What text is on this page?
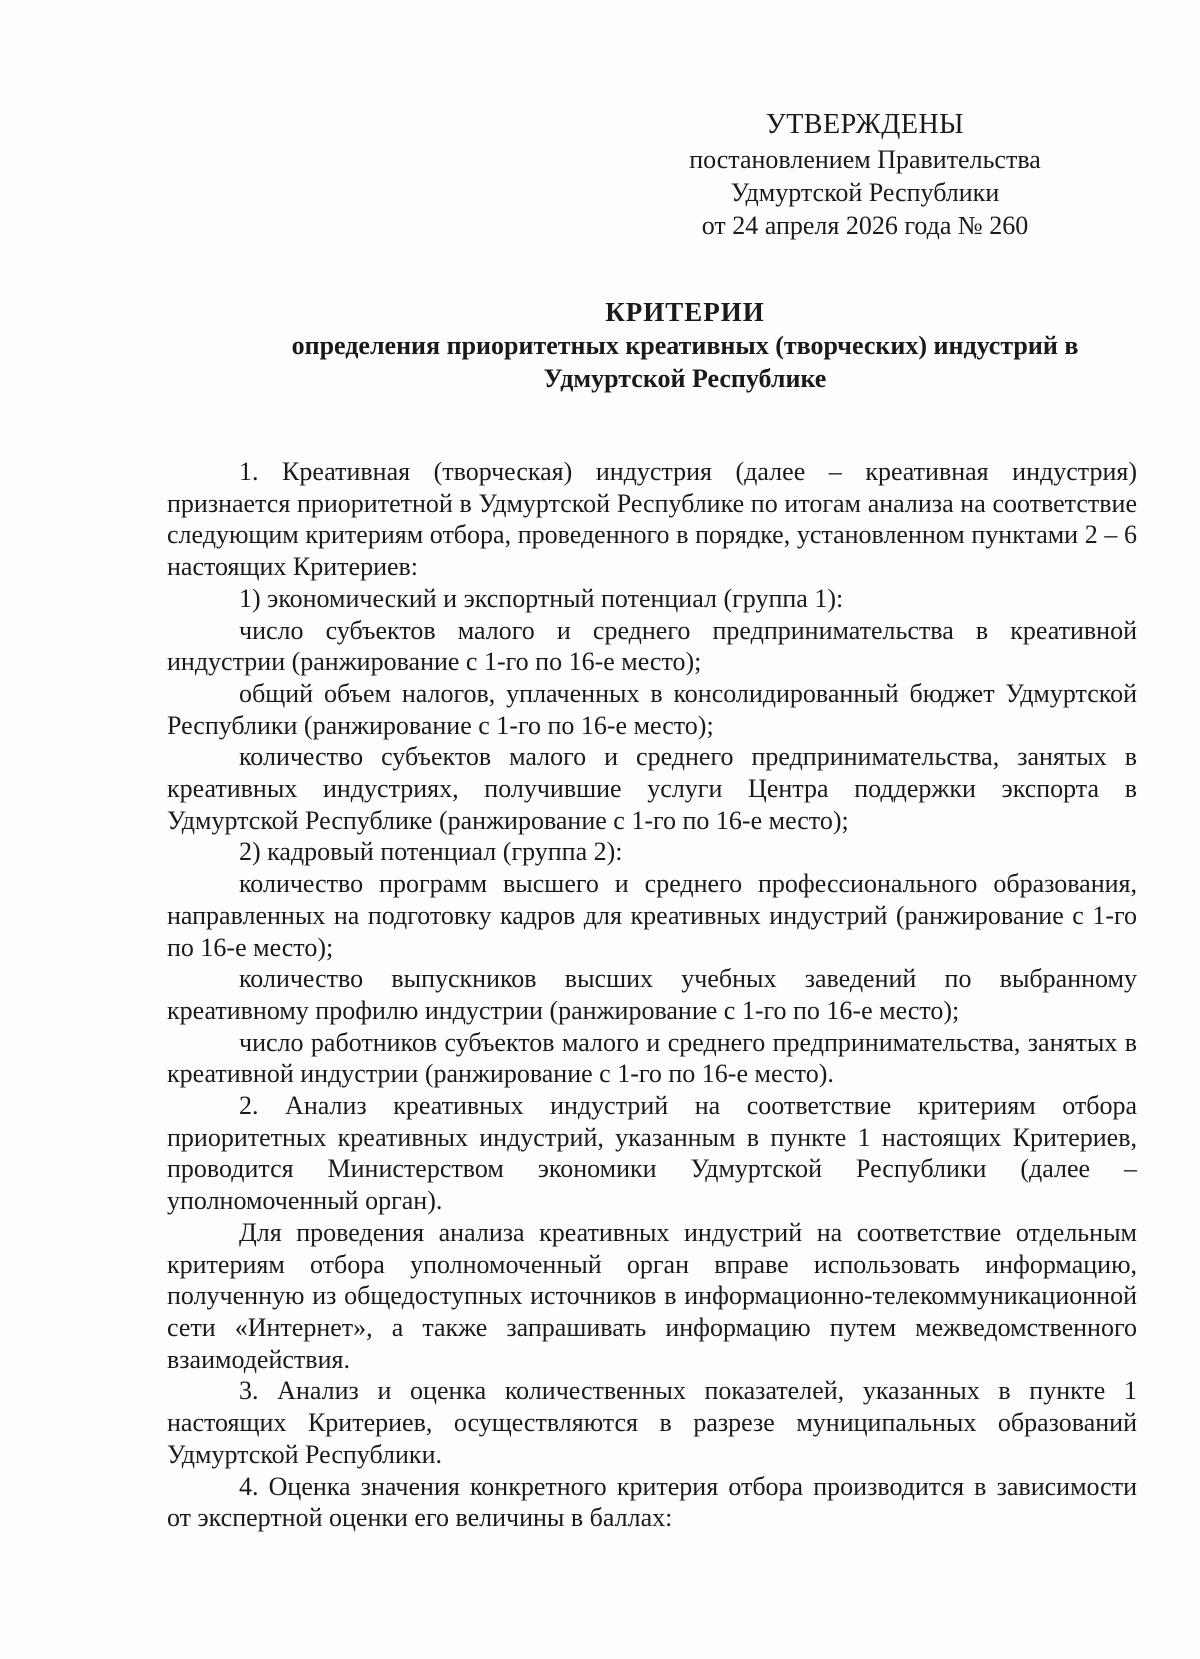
УТВЕРЖДЕНЫ
постановлением Правительства
Удмуртской Республики
от 24 апреля 2026 года № 260
КРИТЕРИИ
определения приоритетных креативных (творческих) индустрий в
Удмуртской Республике

1. Креативная (творческая) индустрия (далее – креативная индустрия) признается приоритетной в Удмуртской Республике по итогам анализа на соответствие следующим критериям отбора, проведенного в порядке, установленном пунктами 2 – 6 настоящих Критериев:

1) экономический и экспортный потенциал (группа 1):

число субъектов малого и среднего предпринимательства в креативной индустрии (ранжирование с 1-го по 16-е место);

общий объем налогов, уплаченных в консолидированный бюджет Удмуртской Республики (ранжирование с 1-го по 16-е место);

количество субъектов малого и среднего предпринимательства, занятых в креативных индустриях, получившие услуги Центра поддержки экспорта в Удмуртской Республике (ранжирование с 1-го по 16-е место);

2) кадровый потенциал (группа 2):

количество программ высшего и среднего профессионального образования, направленных на подготовку кадров для креативных индустрий (ранжирование с 1-го по 16-е место);

количество выпускников высших учебных заведений по выбранному креативному профилю индустрии (ранжирование с 1-го по 16-е место);

число работников субъектов малого и среднего предпринимательства, занятых в креативной индустрии (ранжирование с 1-го по 16-е место).

2. Анализ креативных индустрий на соответствие критериям отбора приоритетных креативных индустрий, указанным в пункте 1 настоящих Критериев, проводится Министерством экономики Удмуртской Республики (далее – уполномоченный орган).

Для проведения анализа креативных индустрий на соответствие отдельным критериям отбора уполномоченный орган вправе использовать информацию, полученную из общедоступных источников в информационно-телекоммуникационной сети «Интернет», а также запрашивать информацию путем межведомственного взаимодействия.

3. Анализ и оценка количественных показателей, указанных в пункте 1 настоящих Критериев, осуществляются в разрезе муниципальных образований Удмуртской Республики.

4. Оценка значения конкретного критерия отбора производится в зависимости от экспертной оценки его величины в баллах:
